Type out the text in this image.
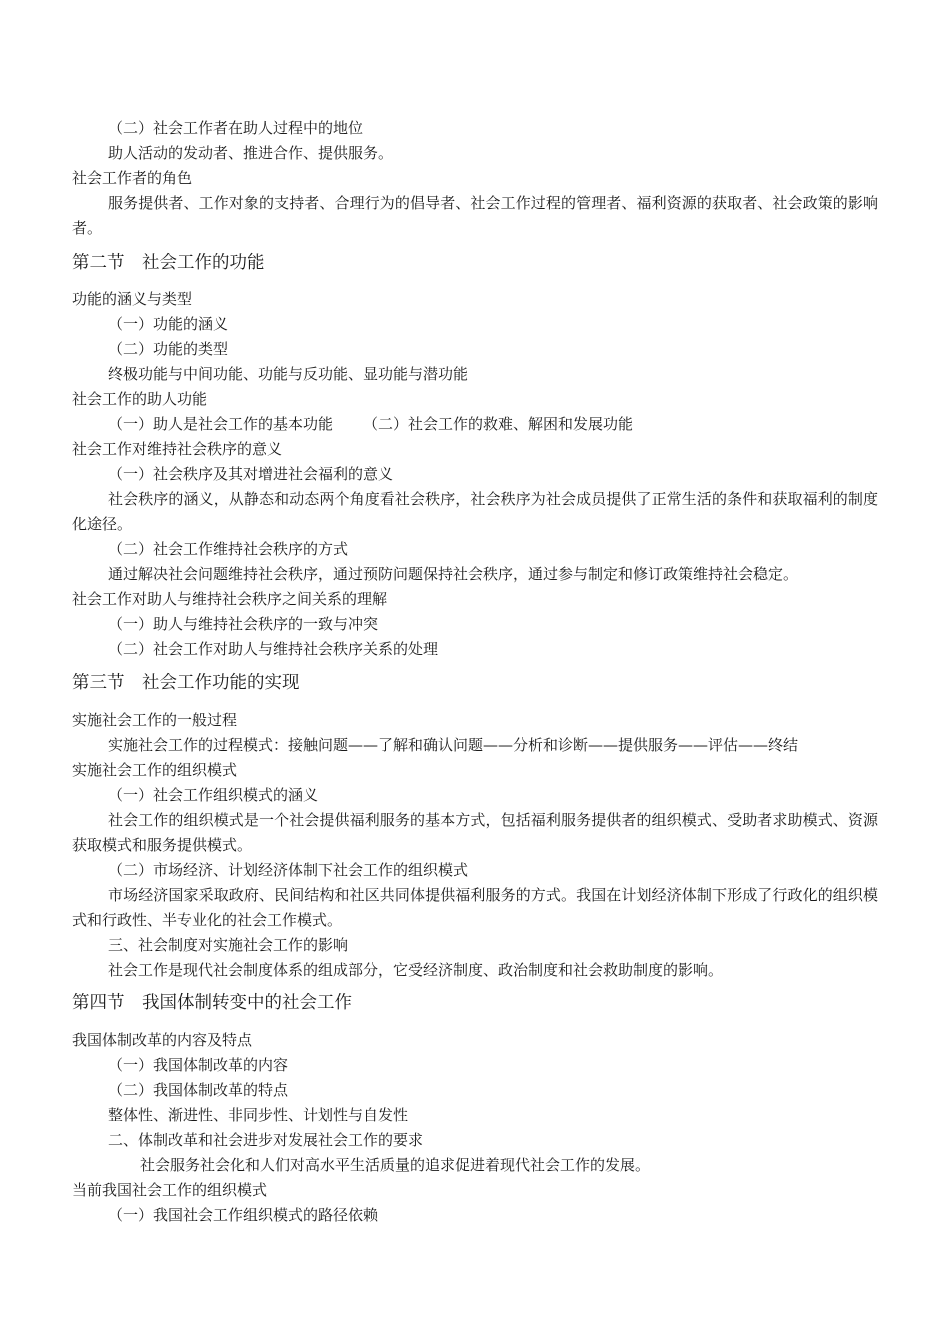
（二）社会工作者在助人过程中的地位
助人活动的发动者、推进合作、提供服务。
社会工作者的角色
服务提供者、工作对象的支持者、合理行为的倡导者、社会工作过程的管理者、福利资源的获取者、社会政策的影响者。
第二节　社会工作的功能
功能的涵义与类型
（一）功能的涵义
（二）功能的类型
终极功能与中间功能、功能与反功能、显功能与潜功能
社会工作的助人功能
（一）助人是社会工作的基本功能 （二）社会工作的救难、解困和发展功能
社会工作对维持社会秩序的意义
（一）社会秩序及其对增进社会福利的意义
社会秩序的涵义，从静态和动态两个角度看社会秩序，社会秩序为社会成员提供了正常生活的条件和获取福利的制度化途径。
（二）社会工作维持社会秩序的方式
通过解决社会问题维持社会秩序，通过预防问题保持社会秩序，通过参与制定和修订政策维持社会稳定。
社会工作对助人与维持社会秩序之间关系的理解
（一）助人与维持社会秩序的一致与冲突
（二）社会工作对助人与维持社会秩序关系的处理
第三节　社会工作功能的实现
实施社会工作的一般过程
实施社会工作的过程模式：接触问题——了解和确认问题——分析和诊断——提供服务——评估——终结
实施社会工作的组织模式
（一）社会工作组织模式的涵义
社会工作的组织模式是一个社会提供福利服务的基本方式，包括福利服务提供者的组织模式、受助者求助模式、资源获取模式和服务提供模式。
（二）市场经济、计划经济体制下社会工作的组织模式
市场经济国家采取政府、民间结构和社区共同体提供福利服务的方式。我国在计划经济体制下形成了行政化的组织模式和行政性、半专业化的社会工作模式。
三、社会制度对实施社会工作的影响
社会工作是现代社会制度体系的组成部分，它受经济制度、政治制度和社会救助制度的影响。
第四节　我国体制转变中的社会工作
我国体制改革的内容及特点
（一）我国体制改革的内容
（二）我国体制改革的特点
整体性、渐进性、非同步性、计划性与自发性
二、体制改革和社会进步对发展社会工作的要求
社会服务社会化和人们对高水平生活质量的追求促进着现代社会工作的发展。
当前我国社会工作的组织模式
（一）我国社会工作组织模式的路径依赖
